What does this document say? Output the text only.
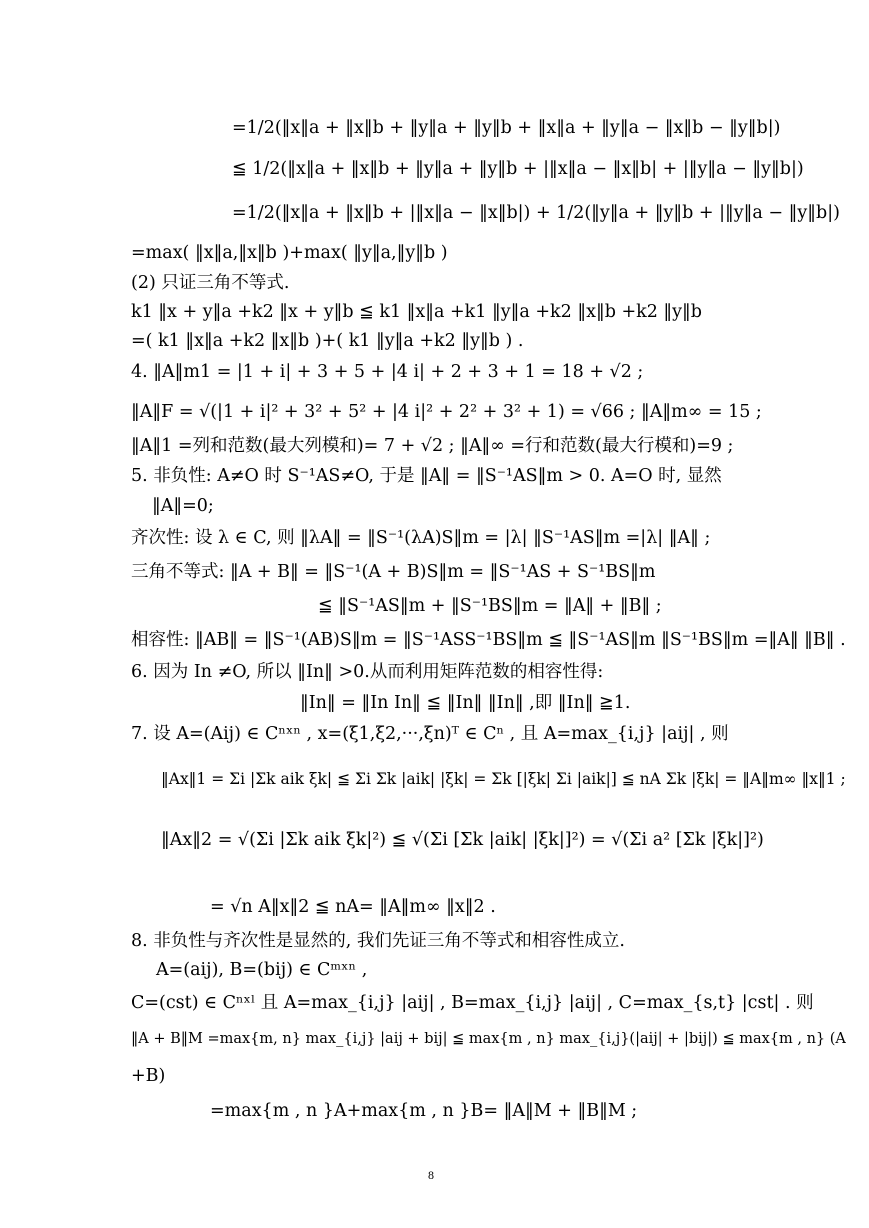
=1/2(‖x‖a + ‖x‖b + ‖y‖a + ‖y‖b + ‖x‖a + ‖y‖a − ‖x‖b − ‖y‖b|)
≦ 1/2(‖x‖a + ‖x‖b + ‖y‖a + ‖y‖b + |‖x‖a − ‖x‖b| + |‖y‖a − ‖y‖b|)
=1/2(‖x‖a + ‖x‖b + |‖x‖a − ‖x‖b|) + 1/2(‖y‖a + ‖y‖b + |‖y‖a − ‖y‖b|)
=max( ‖x‖a,‖x‖b )+max( ‖y‖a,‖y‖b )
(2) 只证三角不等式.
k1 ‖x + y‖a +k2 ‖x + y‖b ≦ k1 ‖x‖a +k1 ‖y‖a +k2 ‖x‖b +k2 ‖y‖b
=( k1 ‖x‖a +k2 ‖x‖b )+( k1 ‖y‖a +k2 ‖y‖b ) .
4. ‖A‖m1 = |1 + i| + 3 + 5 + |4 i| + 2 + 3 + 1 = 18 + √2 ;
‖A‖F = √(|1 + i|² + 3² + 5² + |4 i|² + 2² + 3² + 1) = √66 ; ‖A‖m∞ = 15 ;
‖A‖1 =列和范数(最大列模和)= 7 + √2 ; ‖A‖∞ =行和范数(最大行模和)=9 ;
5. 非负性: A≠O 时 S⁻¹AS≠O, 于是 ‖A‖ = ‖S⁻¹AS‖m > 0. A=O 时, 显然
‖A‖=0;
齐次性: 设 λ ∈ C, 则 ‖λA‖ = ‖S⁻¹(λA)S‖m = |λ| ‖S⁻¹AS‖m =|λ| ‖A‖ ;
三角不等式: ‖A + B‖ = ‖S⁻¹(A + B)S‖m = ‖S⁻¹AS + S⁻¹BS‖m
≦ ‖S⁻¹AS‖m + ‖S⁻¹BS‖m = ‖A‖ + ‖B‖ ;
相容性: ‖AB‖ = ‖S⁻¹(AB)S‖m = ‖S⁻¹ASS⁻¹BS‖m ≦ ‖S⁻¹AS‖m ‖S⁻¹BS‖m =‖A‖ ‖B‖ .
6. 因为 In ≠O, 所以 ‖In‖ >0.从而利用矩阵范数的相容性得:
‖In‖ = ‖In In‖ ≦ ‖In‖ ‖In‖ ,即 ‖In‖ ≧1.
7. 设 A=(Aij) ∈ Cⁿˣⁿ , x=(ξ1,ξ2,···,ξn)ᵀ ∈ Cⁿ , 且 A=max_{i,j} |aij| , 则
‖Ax‖1 = Σi |Σk aik ξk| ≦ Σi Σk |aik| |ξk| = Σk [|ξk| Σi |aik|] ≦ nA Σk |ξk| = ‖A‖m∞ ‖x‖1 ;
‖Ax‖2 = √(Σi |Σk aik ξk|²) ≦ √(Σi [Σk |aik| |ξk|]²) = √(Σi a² [Σk |ξk|]²)
= √n A‖x‖2 ≦ nA= ‖A‖m∞ ‖x‖2 .
8. 非负性与齐次性是显然的, 我们先证三角不等式和相容性成立.
A=(aij), B=(bij) ∈ Cᵐˣⁿ ,
C=(cst) ∈ Cⁿˣˡ 且 A=max_{i,j} |aij| , B=max_{i,j} |aij| , C=max_{s,t} |cst| . 则
‖A + B‖M =max{m, n} max_{i,j} |aij + bij| ≦ max{m , n} max_{i,j}(|aij| + |bij|) ≦ max{m , n} (A
+B)
=max{m , n }A+max{m , n }B= ‖A‖M + ‖B‖M ;
8
